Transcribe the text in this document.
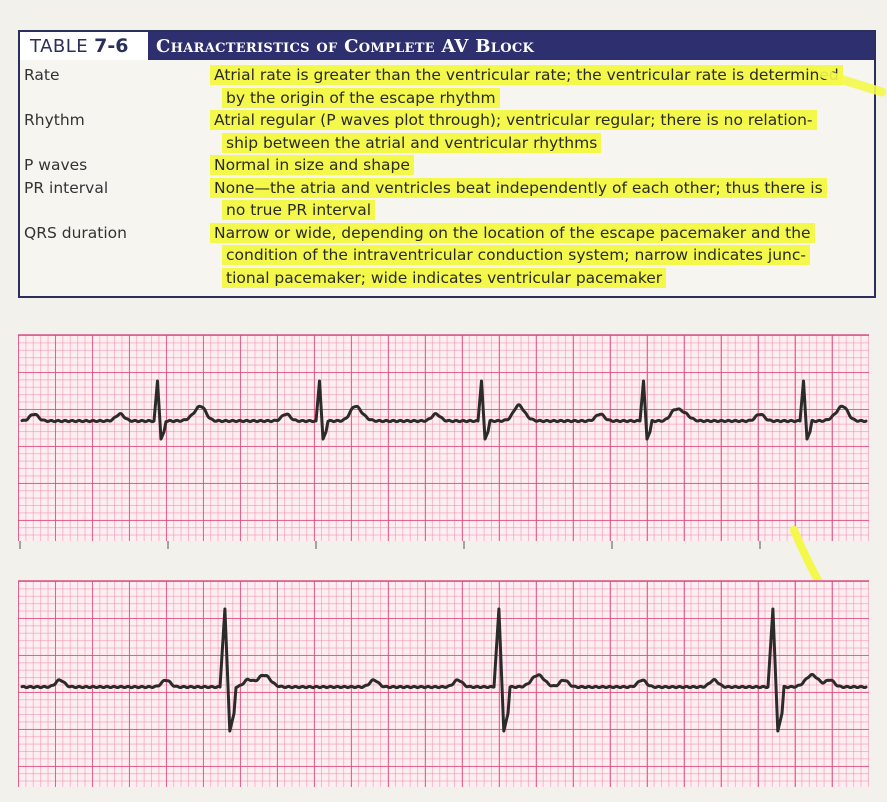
TABLE 7-6	Characteristics of Complete AV Block
Rate	Atrial rate is greater than the ventricular rate; the ventricular rate is determined
by the origin of the escape rhythm
Rhythm	Atrial regular (P waves plot through); ventricular regular; there is no relation-
ship between the atrial and ventricular rhythms
P waves	Normal in size and shape
PR interval	None—the atria and ventricles beat independently of each other; thus there is
no true PR interval
QRS duration	Narrow or wide, depending on the location of the escape pacemaker and the
condition of the intraventricular conduction system; narrow indicates junc-
tional pacemaker; wide indicates ventricular pacemaker
